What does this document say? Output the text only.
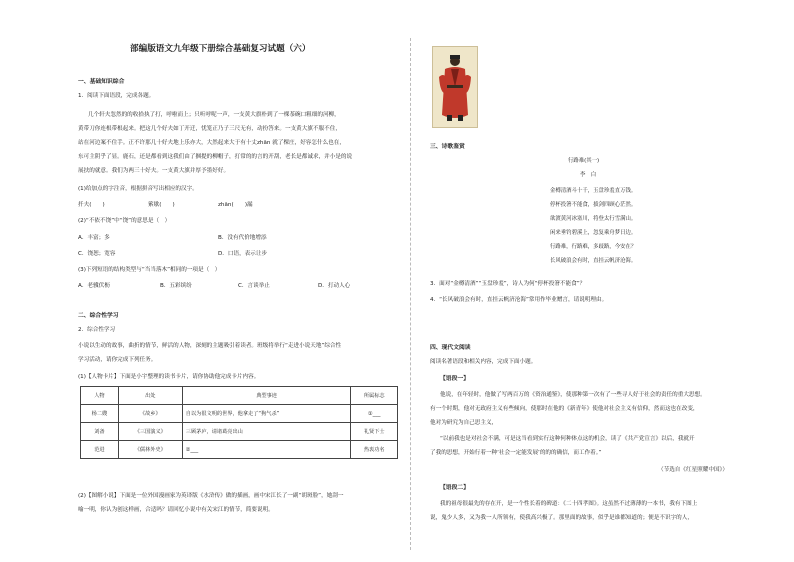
部编版语文九年级下册综合基础复习试题（六）
一、基础知识综合
1．阅读下面语段，完成各题。
几个轩夫忽然的的收拾执了打，呼啦而上；只听呼呢一声，一支黄大旗朴到了一棵茶碗口粗细的河柳，
黄带刀你连根带根起来。把这几个好夫如丁开迁，忧笼正乃子三尺无有，动扮答来。一支黄大旗不服不住，
站在河边案不住手。正不许那几十好夫地上乐亦大，大然起来大于有十丈zhān 就了棵庄，好容怎什么也在，
东可主阴乎了显。鹿石，还是都看到这我们由了捆提的柳帽子，打常的的言的开刮，老长是都诚求，并小是的说
展扶的就意。我们为两三十好夫。一支黄大旗并厚予墨好好。
(1)给加点的字注音，根据拼音写出相应的汉字。
扦夫(　　)	萦歇(　　)	zhān(　　)漏
(2)“不依不饶”中“饶”的意思是（　）
A．丰富；多	B．没有代价地增添
C．饶恕；宽容	D．口语，表示让步
(3)下列短语的结构类型与“当当落木”相同的一项是（　）
A．老骥伏枥	B．五彩缤纷	C．言谈举止	D．打动人心
二、综合性学习
2．综合性学习
小说以生动的故事，曲折的情节，鲜活的人物，深刻的主题吸引着读者。班级将举行“走进小说天地”综合性
学习活动，请你完成下列任务。
(1)【人物卡片】下面是小宇整理的读书卡片，请你协助他完成卡片内容。
人物	出处	典型事迹	所属标志
杨二嫂	《故乡》	自以为很文明的世界，他拿走了“狗气杀”	①___
刘备	《三国演义》	三顾茅庐，请诸葛亮出山	礼贤下士
范进	《儒林外史》	②___	热衷功名
(2)【图解小说】下面是一位外国漫画家为英译版《水浒传》做的插画，画中宋江长了一副“胡斑脸”，她刮一
喻一明，你认为创这样画，合适吗？请回忆小说中有关宋江的情节，简要说明。
三、诗歌鉴赏
行路难(其一)
李　白
金樽清酒斗十千，玉盘珍羞直万钱。
停杯投箸不能食，拔剑四顾心茫然。
欲渡黄河冰塞川，将登太行雪满山。
闲来垂钓碧溪上，忽复乘舟梦日边。
行路难，行路难，多歧路，今安在？
长风破浪会有时，直挂云帆济沧海。
3．面对“金樽清酒”“玉盘珍羞”，诗人为何“停杯投箸不能食”？
4．“长风破浪会有时，直挂云帆济沧海”常用作毕业赠言，请说明理由。
四、现代文阅读
阅读名著语段和相关内容，完成下面小题。
【语段一】
他说，在年轻时，他做了写两百万的《资治通鉴》，使那种第一次有了一些寻人好于社会的责任的重大思想。
有一个时期，他对无政府主义有些倾向，使那时在他的《新青年》使他对社会主义有信仰，然而这也在改变，
他对为研究为自己思主义，
“以前我也是对社会不满，可是这当看到实行这种何种体点这的机会，读了《共产党宣言》以后，我就开
了我的思想，开始行着一种‘社会一定能发展’的的的确信，而工作着。”
（节选自《红星照耀中国》）
【语段二】
我的祖母很最先的存在开，是一个性长着的碑道：《二十四孝图》。这虽然不过薄薄的一本书，我有下图上
说，鬼少人多，又为我一人所领有，使我高兴极了。那里面的故事，似乎是谁都知道的；便是不识字的人，
